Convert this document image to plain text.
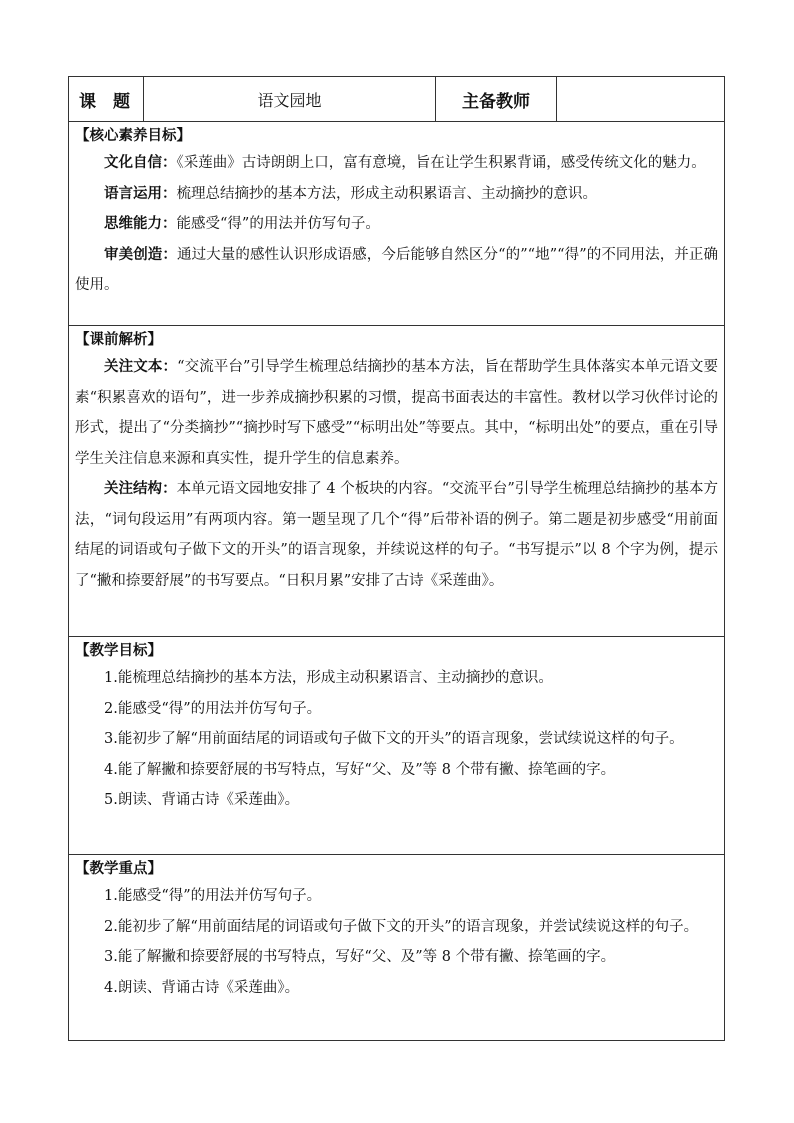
课　题	语文园地	主备教师	

【核心素养目标】

文化自信：《采莲曲》古诗朗朗上口，富有意境，旨在让学生积累背诵，感受传统文化的魅力。

语言运用：梳理总结摘抄的基本方法，形成主动积累语言、主动摘抄的意识。

思维能力：能感受“得”的用法并仿写句子。

审美创造：通过大量的感性认识形成语感，今后能够自然区分“的”“地”“得”的不同用法，并正确使用。

【课前解析】

关注文本：“交流平台”引导学生梳理总结摘抄的基本方法，旨在帮助学生具体落实本单元语文要素“积累喜欢的语句”，进一步养成摘抄积累的习惯，提高书面表达的丰富性。教材以学习伙伴讨论的形式，提出了“分类摘抄”“摘抄时写下感受”“标明出处”等要点。其中，“标明出处”的要点，重在引导学生关注信息来源和真实性，提升学生的信息素养。

关注结构：本单元语文园地安排了 4 个板块的内容。“交流平台”引导学生梳理总结摘抄的基本方法，“词句段运用”有两项内容。第一题呈现了几个“得”后带补语的例子。第二题是初步感受“用前面结尾的词语或句子做下文的开头”的语言现象，并续说这样的句子。“书写提示”以 8 个字为例，提示了“撇和捺要舒展”的书写要点。“日积月累”安排了古诗《采莲曲》。

【教学目标】

1.能梳理总结摘抄的基本方法，形成主动积累语言、主动摘抄的意识。

2.能感受“得”的用法并仿写句子。

3.能初步了解“用前面结尾的词语或句子做下文的开头”的语言现象，尝试续说这样的句子。

4.能了解撇和捺要舒展的书写特点，写好“父、及”等 8 个带有撇、捺笔画的字。

5.朗读、背诵古诗《采莲曲》。

【教学重点】

1.能感受“得”的用法并仿写句子。

2.能初步了解“用前面结尾的词语或句子做下文的开头”的语言现象，并尝试续说这样的句子。

3.能了解撇和捺要舒展的书写特点，写好“父、及”等 8 个带有撇、捺笔画的字。

4.朗读、背诵古诗《采莲曲》。
